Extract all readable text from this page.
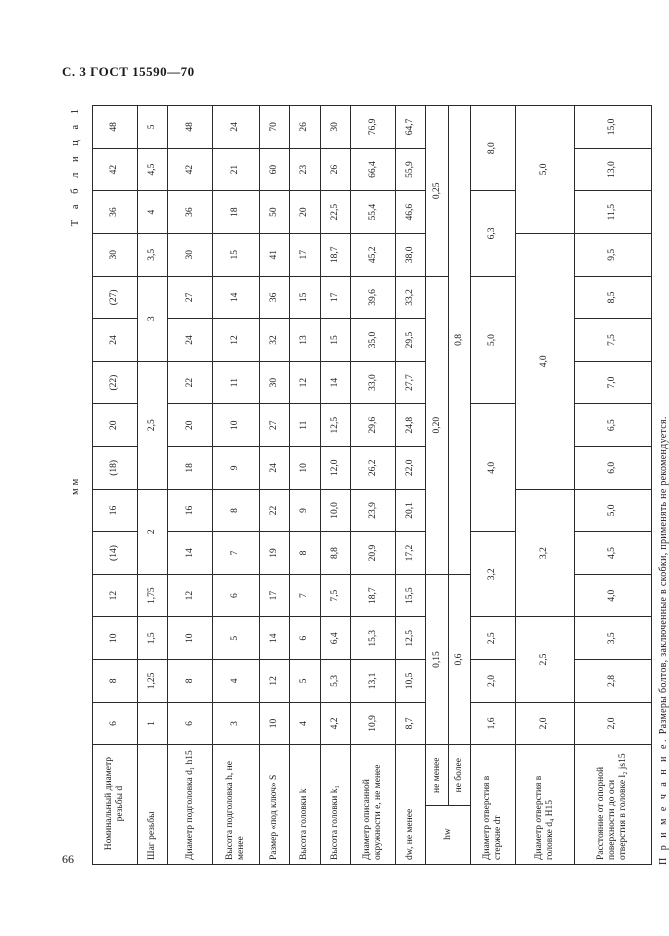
С. 3 ГОСТ 15590—70
66
Т а б л и ц а 1
мм
Номинальный диаметр резьбы d		6	8	10	12	(14)	16	(18)	20	(22)	24	(27)	30	36	42	48
Шаг резьбы		1	1,25	1,5	1,75	2		2,5			3		3,5	4	4,5	5
Диаметр подголовка d₁ h15		6	8	10	12	14	16	18	20	22	24	27	30	36	42	48
Высота подголовка h, не менее		3	4	5	6	7	8	9	10	11	12	14	15	18	21	24
Размер «под ключ» S		10	12	14	17	19	22	24	27	30	32	36	41	50	60	70
Высота головки k		4	5	6	7	8	9	10	11	12	13	15	17	20	23	26
Высота головки k₁		4,2	5,3	6,4	7,5	8,8	10,0	12,0	12,5	14	15	17	18,7	22,5	26	30
Диаметр описанной окружности e, не менее		10,9	13,1	15,3	18,7	20,9	23,9	26,2	29,6	33,0	35,0	39,6	45,2	55,4	66,4	76,9
dw, не менее		8,7	10,5	12,5	15,5	17,2	20,1	22,0	24,8	27,7	29,5	33,2	38,0	46,6	55,9	64,7
hw	не менее	0,15				0,20							0,25			
	не более	0,6				0,8										
Диаметр отверстия в стержне dт		1,6	2,0	2,5	3,2		4,0			5,0			6,3		8,0	
Диаметр отверстия в головке d₄ H15		2,0	2,5		3,2			4,0						5,0		
Расстояние от опорной поверхности до оси отверстия в головке l₂ js15		2,0	2,8	3,5	4,0	4,5	5,0	6,0	6,5	7,0	7,5	8,5	9,5	11,5	13,0	15,0
П р и м е ч а н и е. Размеры болтов, заключенные в скобки, применять не рекомендуется.
